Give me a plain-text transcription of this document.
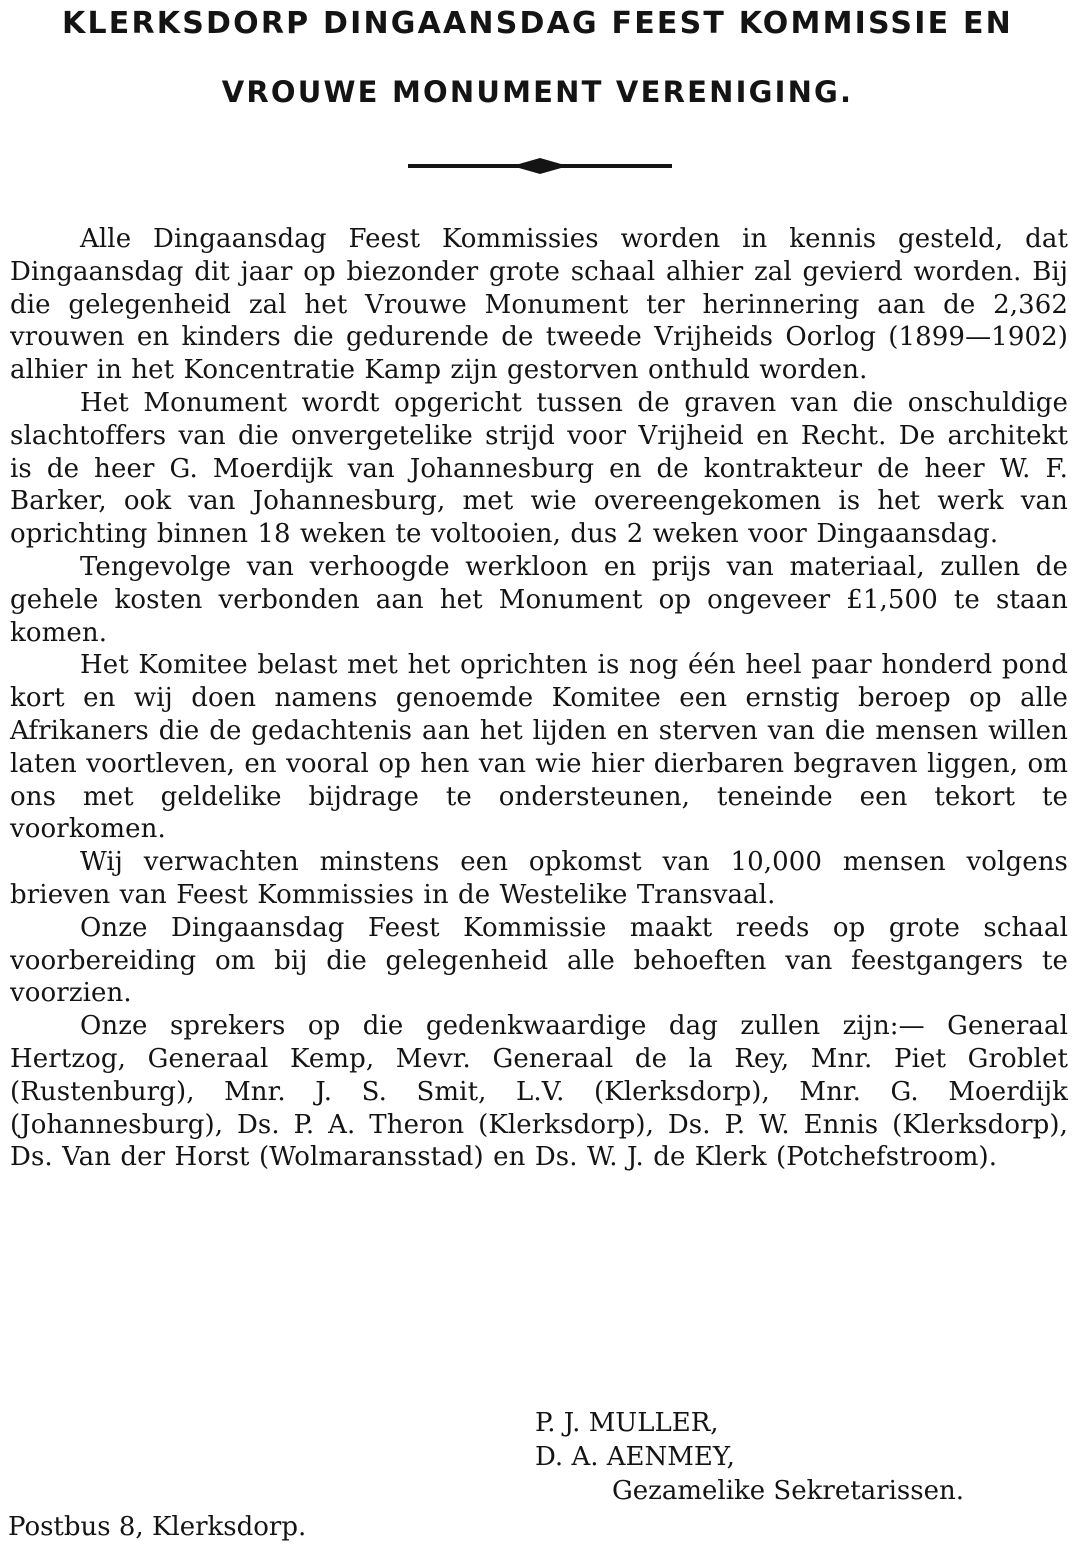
KLERKSDORP DINGAANSDAG FEEST KOMMISSIE EN
VROUWE MONUMENT VERENIGING.

Alle Dingaansdag Feest Kommissies worden in kennis gesteld, dat Dingaansdag dit jaar op biezonder grote schaal alhier zal gevierd worden. Bij die gelegenheid zal het Vrouwe Monument ter herinnering aan de 2,362 vrouwen en kinders die gedurende de tweede Vrijheids Oorlog (1899—1902) alhier in het Koncentratie Kamp zijn gestorven onthuld worden.

Het Monument wordt opgericht tussen de graven van die onschuldige slachtoffers van die onvergetelike strijd voor Vrijheid en Recht. De architekt is de heer G. Moerdijk van Johannesburg en de kontrakteur de heer W. F. Barker, ook van Johannesburg, met wie overeengekomen is het werk van oprichting binnen 18 weken te voltooien, dus 2 weken voor Dingaansdag.

Tengevolge van verhoogde werkloon en prijs van materiaal, zullen de gehele kosten verbonden aan het Monument op ongeveer £1,500 te staan komen.

Het Komitee belast met het oprichten is nog één heel paar honderd pond kort en wij doen namens genoemde Komitee een ernstig beroep op alle Afrikaners die de gedachtenis aan het lijden en sterven van die mensen willen laten voortleven, en vooral op hen van wie hier dierbaren begraven liggen, om ons met geldelike bijdrage te ondersteunen, teneinde een tekort te voorkomen.

Wij verwachten minstens een opkomst van 10,000 mensen volgens brieven van Feest Kommissies in de Westelike Transvaal.

Onze Dingaansdag Feest Kommissie maakt reeds op grote schaal voorbereiding om bij die gelegenheid alle behoeften van feestgangers te voorzien.

Onze sprekers op die gedenkwaardige dag zullen zijn:— Generaal Hertzog, Generaal Kemp, Mevr. Generaal de la Rey, Mnr. Piet Groblet (Rustenburg), Mnr. J. S. Smit, L.V. (Klerksdorp), Mnr. G. Moerdijk (Johannesburg), Ds. P. A. Theron (Klerksdorp), Ds. P. W. Ennis (Klerksdorp), Ds. Van der Horst (Wolmaransstad) en Ds. W. J. de Klerk (Potchefstroom).

P. J. MULLER,
D. A. AENMEY,
Gezamelike Sekretarissen.
Postbus 8, Klerksdorp.
